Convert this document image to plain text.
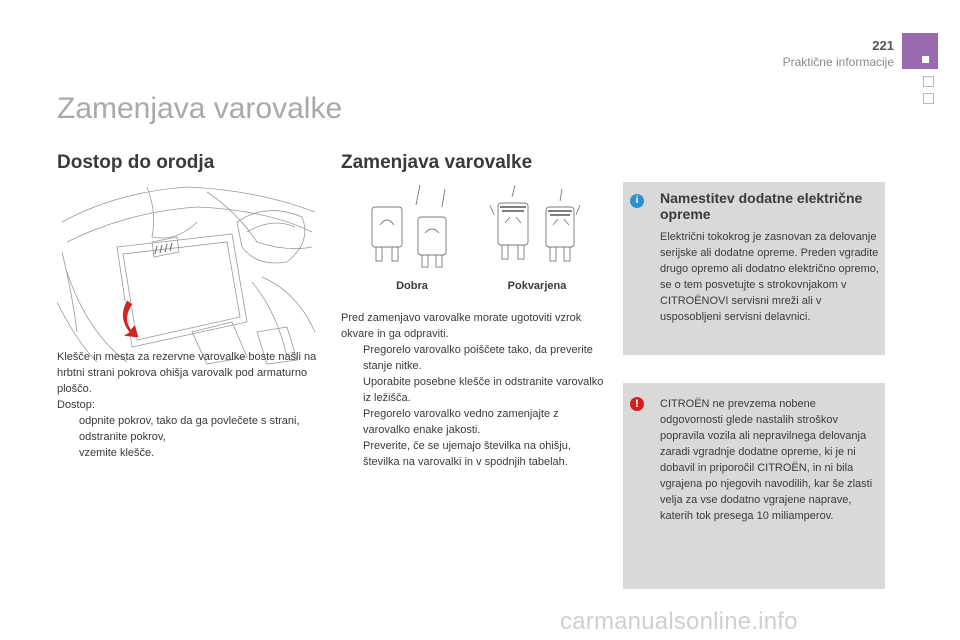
221
Praktične informacije
Zamenjava varovalke
Dostop do orodja
Klešče in mesta za rezervne varovalke boste našli na hrbtni strani pokrova ohišja varovalk pod armaturno ploščo.
Dostop:
odpnite pokrov, tako da ga povlečete s strani,
odstranite pokrov,
vzemite klešče.
Zamenjava varovalke
Dobra	Pokvarjena
Pred zamenjavo varovalke morate ugotoviti vzrok okvare in ga odpraviti.
Pregorelo varovalko poiščete tako, da preverite stanje nitke.
Uporabite posebne klešče in odstranite varovalko iz ležišča.
Pregorelo varovalko vedno zamenjajte z varovalko enake jakosti.
Preverite, če se ujemajo številka na ohišju, številka na varovalki in v spodnjih tabelah.
i	Namestitev dodatne električne opreme
Električni tokokrog je zasnovan za delovanje serijske ali dodatne opreme. Preden vgradite drugo opremo ali dodatno električno opremo, se o tem posvetujte s strokovnjakom v CITROËNOVI servisni mreži ali v usposobljeni servisni delavnici.
!	CITROËN ne prevzema nobene odgovornosti glede nastalih stroškov popravila vozila ali nepravilnega delovanja zaradi vgradnje dodatne opreme, ki je ni dobavil in priporočil CITROËN, in ni bila vgrajena po njegovih navodilih, kar še zlasti velja za vse dodatno vgrajene naprave, katerih tok presega 10 miliamperov.
carmanualsonline.info
